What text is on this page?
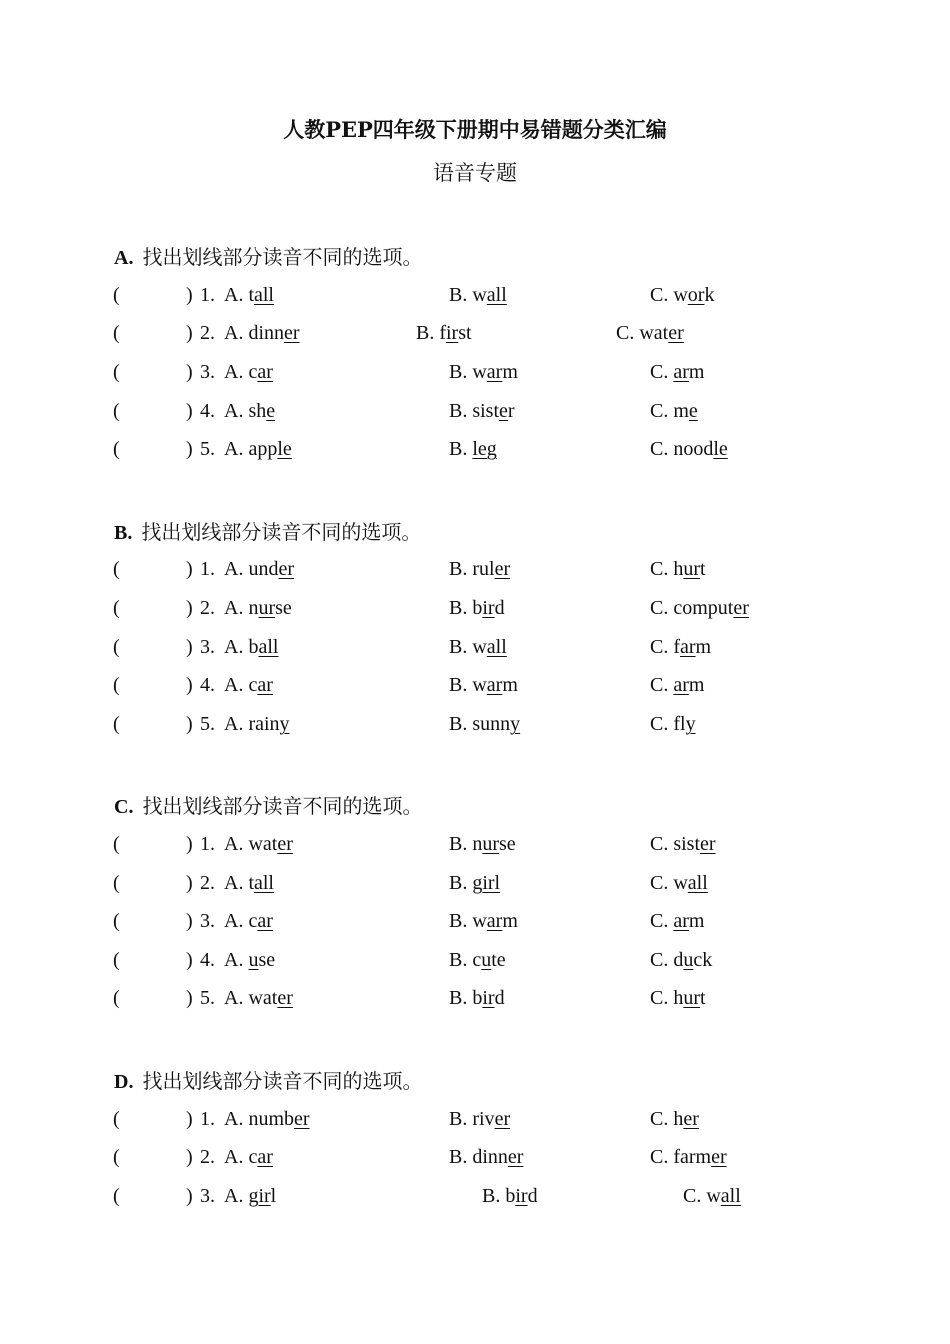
人教PEP四年级下册期中易错题分类汇编
语音专题
A. 找出划线部分读音不同的选项。
(	) 1. A. tall	B. wall	C. work
(	) 2. A. dinner	B. first	C. water
(	) 3. A. car	B. warm	C. arm
(	) 4. A. she	B. sister	C. me
(	) 5. A. apple	B. leg	C. noodle
B. 找出划线部分读音不同的选项。
(	) 1. A. under	B. ruler	C. hurt
(	) 2. A. nurse	B. bird	C. computer
(	) 3. A. ball	B. wall	C. farm
(	) 4. A. car	B. warm	C. arm
(	) 5. A. rainy	B. sunny	C. fly
C. 找出划线部分读音不同的选项。
(	) 1. A. water	B. nurse	C. sister
(	) 2. A. tall	B. girl	C. wall
(	) 3. A. car	B. warm	C. arm
(	) 4. A. use	B. cute	C. duck
(	) 5. A. water	B. bird	C. hurt
D. 找出划线部分读音不同的选项。
(	) 1. A. number	B. river	C. her
(	) 2. A. car	B. dinner	C. farmer
(	) 3. A. girl	B. bird	C. wall
